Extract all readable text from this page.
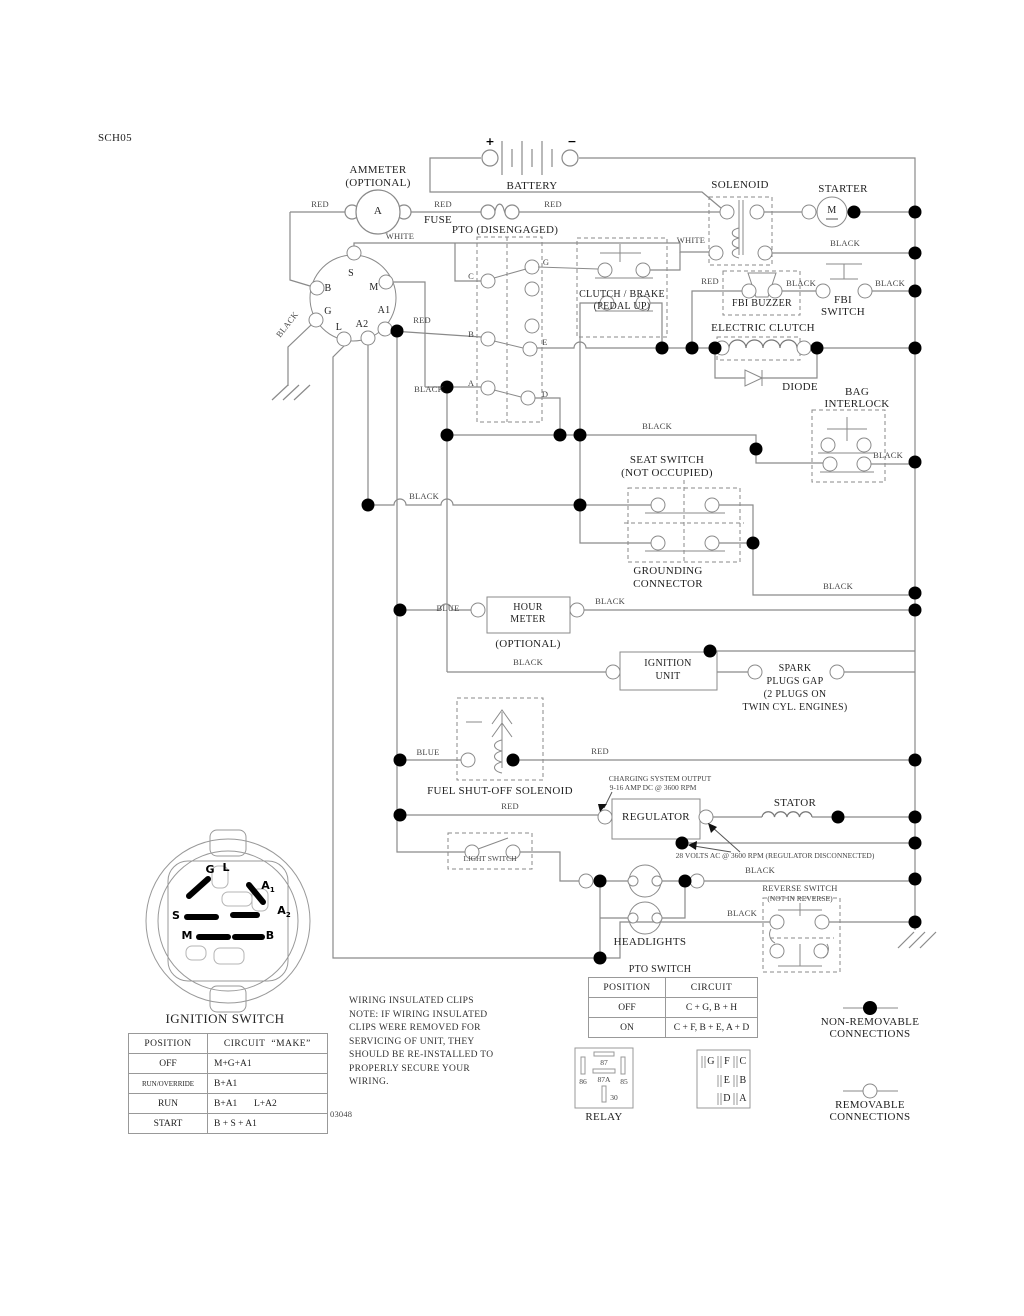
SCH05
AMMETER
(OPTIONAL)
A
+	−
BATTERY
FUSE
PTO (DISENGAGED)
SOLENOID	STARTER
M
RED	RED	RED
WHITE	WHITE	BLACK
BLACK
RED	BLACK	BLACK
FBI BUZZER	FBI
SWITCH
ELECTRIC CLUTCH
DIODE BAG
INTERLOCK
BLACK
CLUTCH / BRAKE
(PEDAL UP)
C
G
B
E
A
D
RED
BLACK
BLACK
BLACK
SEAT SWITCH
(NOT OCCUPIED)
GROUNDING
CONNECTOR	BLACK
S
M
B
G
L A2
A1
BLUE	HOUR
METER
(OPTIONAL)
BLACK
BLACK	IGNITION
UNIT
SPARK
PLUGS GAP
(2 PLUGS ON
TWIN CYL. ENGINES)
BLUE	RED
FUEL SHUT-OFF SOLENOID
CHARGING SYSTEM OUTPUT
9-16 AMP DC @ 3600 RPM
RED
REGULATOR
STATOR
28 VOLTS AC @ 3600 RPM (REGULATOR DISCONNECTED)
LIGHT SWITCH
HEADLIGHTS
BLACK
REVERSE SWITCH
(NOT IN REVERSE)
BLACK
G L
$A_1$
$A_2$
S
M	B
IGNITION SWITCH
POSITION	CIRCUIT “MAKE”
OFF	M+G+A1
RUN/OVERRIDE	B+A1
RUN	B+A1 L+A2
START	B + S + A1
03048
WIRING INSULATED CLIPS
NOTE: IF WIRING INSULATED
CLIPS WERE REMOVED FOR
SERVICING OF UNIT, THEY
SHOULD BE RE-INSTALLED TO
PROPERLY SECURE YOUR
WIRING.
PTO SWITCH
POSITION	CIRCUIT
OFF	C + G, B + H
ON	C + F, B + E, A + D
87
87A
86	85
30
RELAY
G F C
E B
D A
NON-REMOVABLE
CONNECTIONS
REMOVABLE
CONNECTIONS
